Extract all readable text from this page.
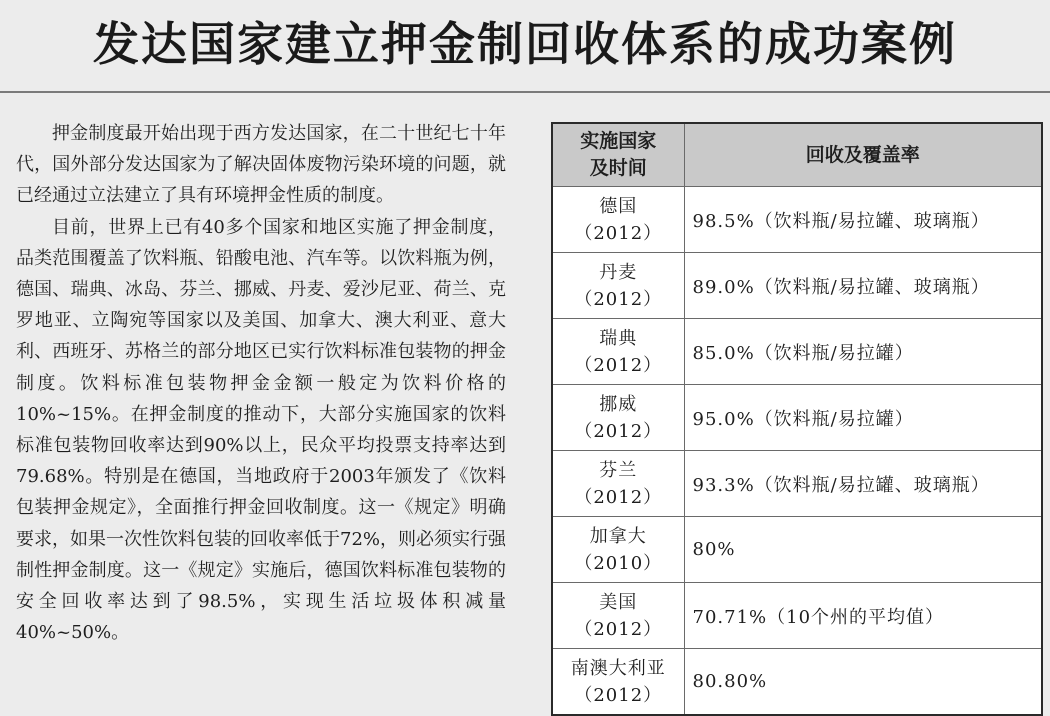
发达国家建立押金制回收体系的成功案例

押金制度最开始出现于西方发达国家，在二十世纪七十年代，国外部分发达国家为了解决固体废物污染环境的问题，就已经通过立法建立了具有环境押金性质的制度。

目前，世界上已有40多个国家和地区实施了押金制度，品类范围覆盖了饮料瓶、铅酸电池、汽车等。以饮料瓶为例，德国、瑞典、冰岛、芬兰、挪威、丹麦、爱沙尼亚、荷兰、克罗地亚、立陶宛等国家以及美国、加拿大、澳大利亚、意大利、西班牙、苏格兰的部分地区已实行饮料标准包装物的押金制度。饮料标准包装物押金金额一般定为饮料价格的10%~15%。在押金制度的推动下，大部分实施国家的饮料标准包装物回收率达到90%以上，民众平均投票支持率达到79.68%。特别是在德国，当地政府于2003年颁发了《饮料包装押金规定》，全面推行押金回收制度。这一《规定》明确要求，如果一次性饮料包装的回收率低于72%，则必须实行强制性押金制度。这一《规定》实施后，德国饮料标准包装物的安全回收率达到了98.5%，实现生活垃圾体积减量40%~50%。

实施国家
及时间	回收及覆盖率

德国
（2012）	98.5%（饮料瓶/易拉罐、玻璃瓶）

丹麦
（2012）	89.0%（饮料瓶/易拉罐、玻璃瓶）

瑞典
（2012）	85.0%（饮料瓶/易拉罐）

挪威
（2012）	95.0%（饮料瓶/易拉罐）

芬兰
（2012）	93.3%（饮料瓶/易拉罐、玻璃瓶）

加拿大
（2010）	80%

美国
（2012）	70.71%（10个州的平均值）

南澳大利亚
（2012）	80.80%
